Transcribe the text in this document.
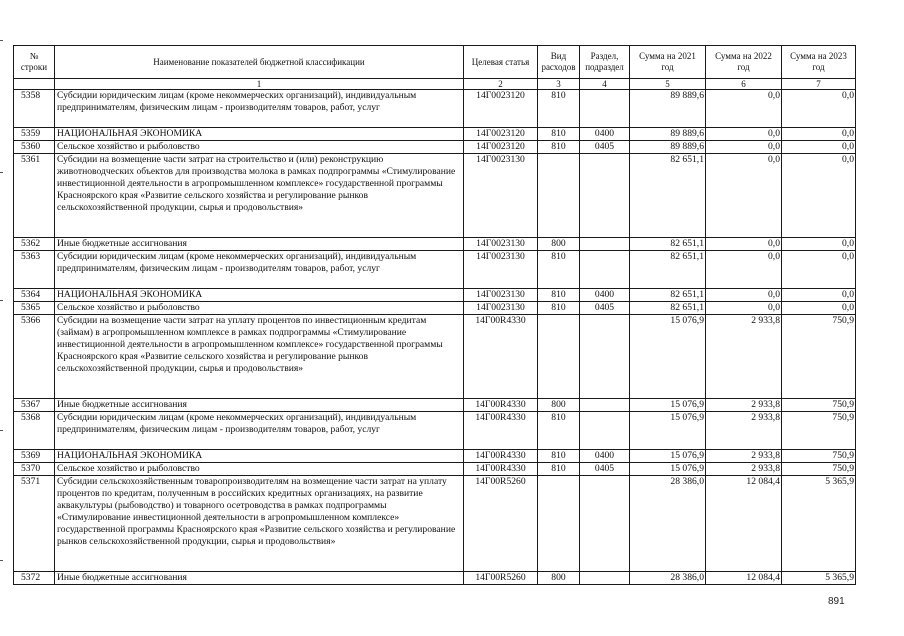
№ строки	Наименование показателей бюджетной классификации	Целевая статья	Вид расходов	Раздел, подраздел	Сумма на 2021 год	Сумма на 2022 год	Сумма на 2023 год
	1	2	3	4	5	6	7
5358	Субсидии юридическим лицам (кроме некоммерческих организаций), индивидуальным предпринимателям, физическим лицам - производителям товаров, работ, услуг	14Г0023120	810		89 889,6	0,0	0,0
5359	НАЦИОНАЛЬНАЯ ЭКОНОМИКА	14Г0023120	810	0400	89 889,6	0,0	0,0
5360	Сельское хозяйство и рыболовство	14Г0023120	810	0405	89 889,6	0,0	0,0
5361	Субсидии на возмещение части затрат на строительство и (или) реконструкцию животноводческих объектов для производства молока в рамках подпрограммы «Стимулирование инвестиционной деятельности в агропромышленном комплексе» государственной программы Красноярского края «Развитие сельского хозяйства и регулирование рынков сельскохозяйственной продукции, сырья и продовольствия»	14Г0023130			82 651,1	0,0	0,0
5362	Иные бюджетные ассигнования	14Г0023130	800		82 651,1	0,0	0,0
5363	Субсидии юридическим лицам (кроме некоммерческих организаций), индивидуальным предпринимателям, физическим лицам - производителям товаров, работ, услуг	14Г0023130	810		82 651,1	0,0	0,0
5364	НАЦИОНАЛЬНАЯ ЭКОНОМИКА	14Г0023130	810	0400	82 651,1	0,0	0,0
5365	Сельское хозяйство и рыболовство	14Г0023130	810	0405	82 651,1	0,0	0,0
5366	Субсидии на возмещение части затрат на уплату процентов по инвестиционным кредитам (займам) в агропромышленном комплексе в рамках подпрограммы «Стимулирование инвестиционной деятельности в агропромышленном комплексе» государственной программы Красноярского края «Развитие сельского хозяйства и регулирование рынков сельскохозяйственной продукции, сырья и продовольствия»	14Г00R4330			15 076,9	2 933,8	750,9
5367	Иные бюджетные ассигнования	14Г00R4330	800		15 076,9	2 933,8	750,9
5368	Субсидии юридическим лицам (кроме некоммерческих организаций), индивидуальным предпринимателям, физическим лицам - производителям товаров, работ, услуг	14Г00R4330	810		15 076,9	2 933,8	750,9
5369	НАЦИОНАЛЬНАЯ ЭКОНОМИКА	14Г00R4330	810	0400	15 076,9	2 933,8	750,9
5370	Сельское хозяйство и рыболовство	14Г00R4330	810	0405	15 076,9	2 933,8	750,9
5371	Субсидии сельскохозяйственным товаропроизводителям на возмещение части затрат на уплату процентов по кредитам, полученным в российских кредитных организациях, на развитие аквакультуры (рыбоводство) и товарного осетроводства в рамках подпрограммы «Стимулирование инвестиционной деятельности в агропромышленном комплексе» государственной программы Красноярского края «Развитие сельского хозяйства и регулирование рынков сельскохозяйственной продукции, сырья и продовольствия»	14Г00R5260			28 386,0	12 084,4	5 365,9
5372	Иные бюджетные ассигнования	14Г00R5260	800		28 386,0	12 084,4	5 365,9
891
